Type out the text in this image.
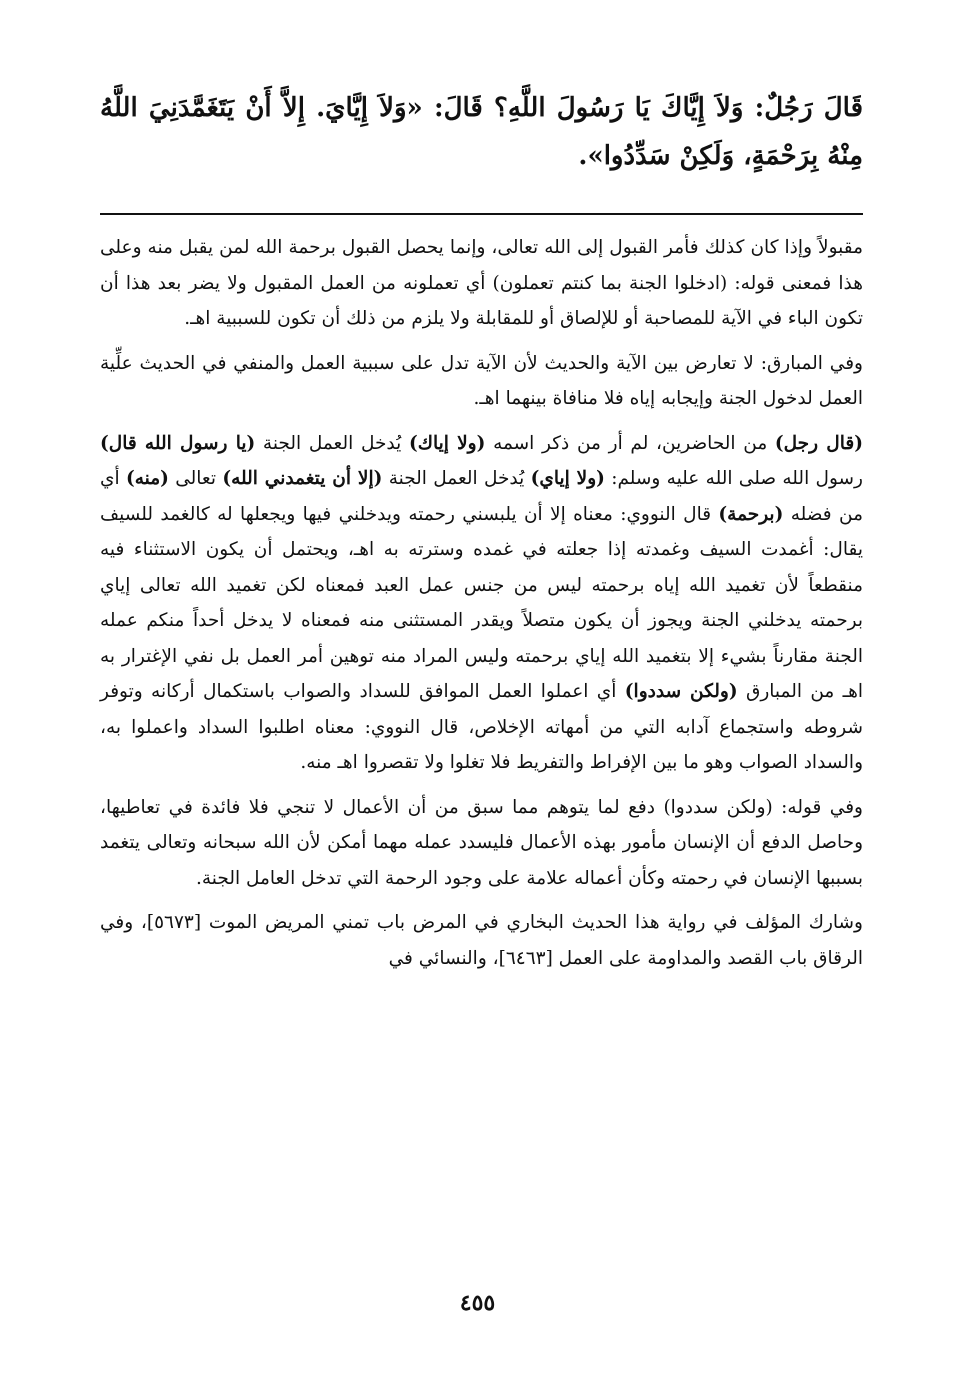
قَالَ رَجُلٌ: وَلاَ إِيَّاكَ يَا رَسُولَ اللَّهِ؟ قَالَ: «وَلاَ إِيَّايَ. إِلاَّ أَنْ يَتَغَمَّدَنِيَ اللَّهُ مِنْهُ بِرَحْمَةٍ، وَلَكِنْ سَدِّدُوا».

مقبولاً وإذا كان كذلك فأمر القبول إلى الله تعالى، وإنما يحصل القبول برحمة الله لمن يقبل منه وعلى هذا فمعنى قوله: (ادخلوا الجنة بما كنتم تعملون) أي تعملونه من العمل المقبول ولا يضر بعد هذا أن تكون الباء في الآية للمصاحبة أو للإلصاق أو للمقابلة ولا يلزم من ذلك أن تكون للسببية اهـ.

وفي المبارق: لا تعارض بين الآية والحديث لأن الآية تدل على سببية العمل والمنفي في الحديث علِّية العمل لدخول الجنة وإيجابه إياه فلا منافاة بينهما اهـ.

(قال رجل) من الحاضرين، لم أر من ذكر اسمه (ولا إياك) يُدخل العمل الجنة (يا رسول الله قال) رسول الله صلى الله عليه وسلم: (ولا إياي) يُدخل العمل الجنة (إلا أن يتغمدني الله) تعالى (منه) أي من فضله (برحمة) قال النووي: معناه إلا أن يلبسني رحمته ويدخلني فيها ويجعلها له كالغمد للسيف يقال: أغمدت السيف وغمدته إذا جعلته في غمده وسترته به اهـ، ويحتمل أن يكون الاستثناء فيه منقطعاً لأن تغميد الله إياه برحمته ليس من جنس عمل العبد فمعناه لكن تغميد الله تعالى إياي برحمته يدخلني الجنة ويجوز أن يكون متصلاً ويقدر المستثنى منه فمعناه لا يدخل أحداً منكم عمله الجنة مقارناً بشيء إلا بتغميد الله إياي برحمته وليس المراد منه توهين أمر العمل بل نفي الإغترار به اهـ من المبارق (ولكن سددوا) أي اعملوا العمل الموافق للسداد والصواب باستكمال أركانه وتوفر شروطه واستجماع آدابه التي من أمهاته الإخلاص، قال النووي: معناه اطلبوا السداد واعملوا به، والسداد الصواب وهو ما بين الإفراط والتفريط فلا تغلوا ولا تقصروا اهـ منه.

وفي قوله: (ولكن سددوا) دفع لما يتوهم مما سبق من أن الأعمال لا تنجي فلا فائدة في تعاطيها، وحاصل الدفع أن الإنسان مأمور بهذه الأعمال فليسدد عمله مهما أمكن لأن الله سبحانه وتعالى يتغمد بسببها الإنسان في رحمته وكأن أعماله علامة على وجود الرحمة التي تدخل العامل الجنة.

وشارك المؤلف في رواية هذا الحديث البخاري في المرض باب تمني المريض الموت [٥٦٧٣]، وفي الرقاق باب القصد والمداومة على العمل [٦٤٦٣]، والنسائي في

٤٥٥
